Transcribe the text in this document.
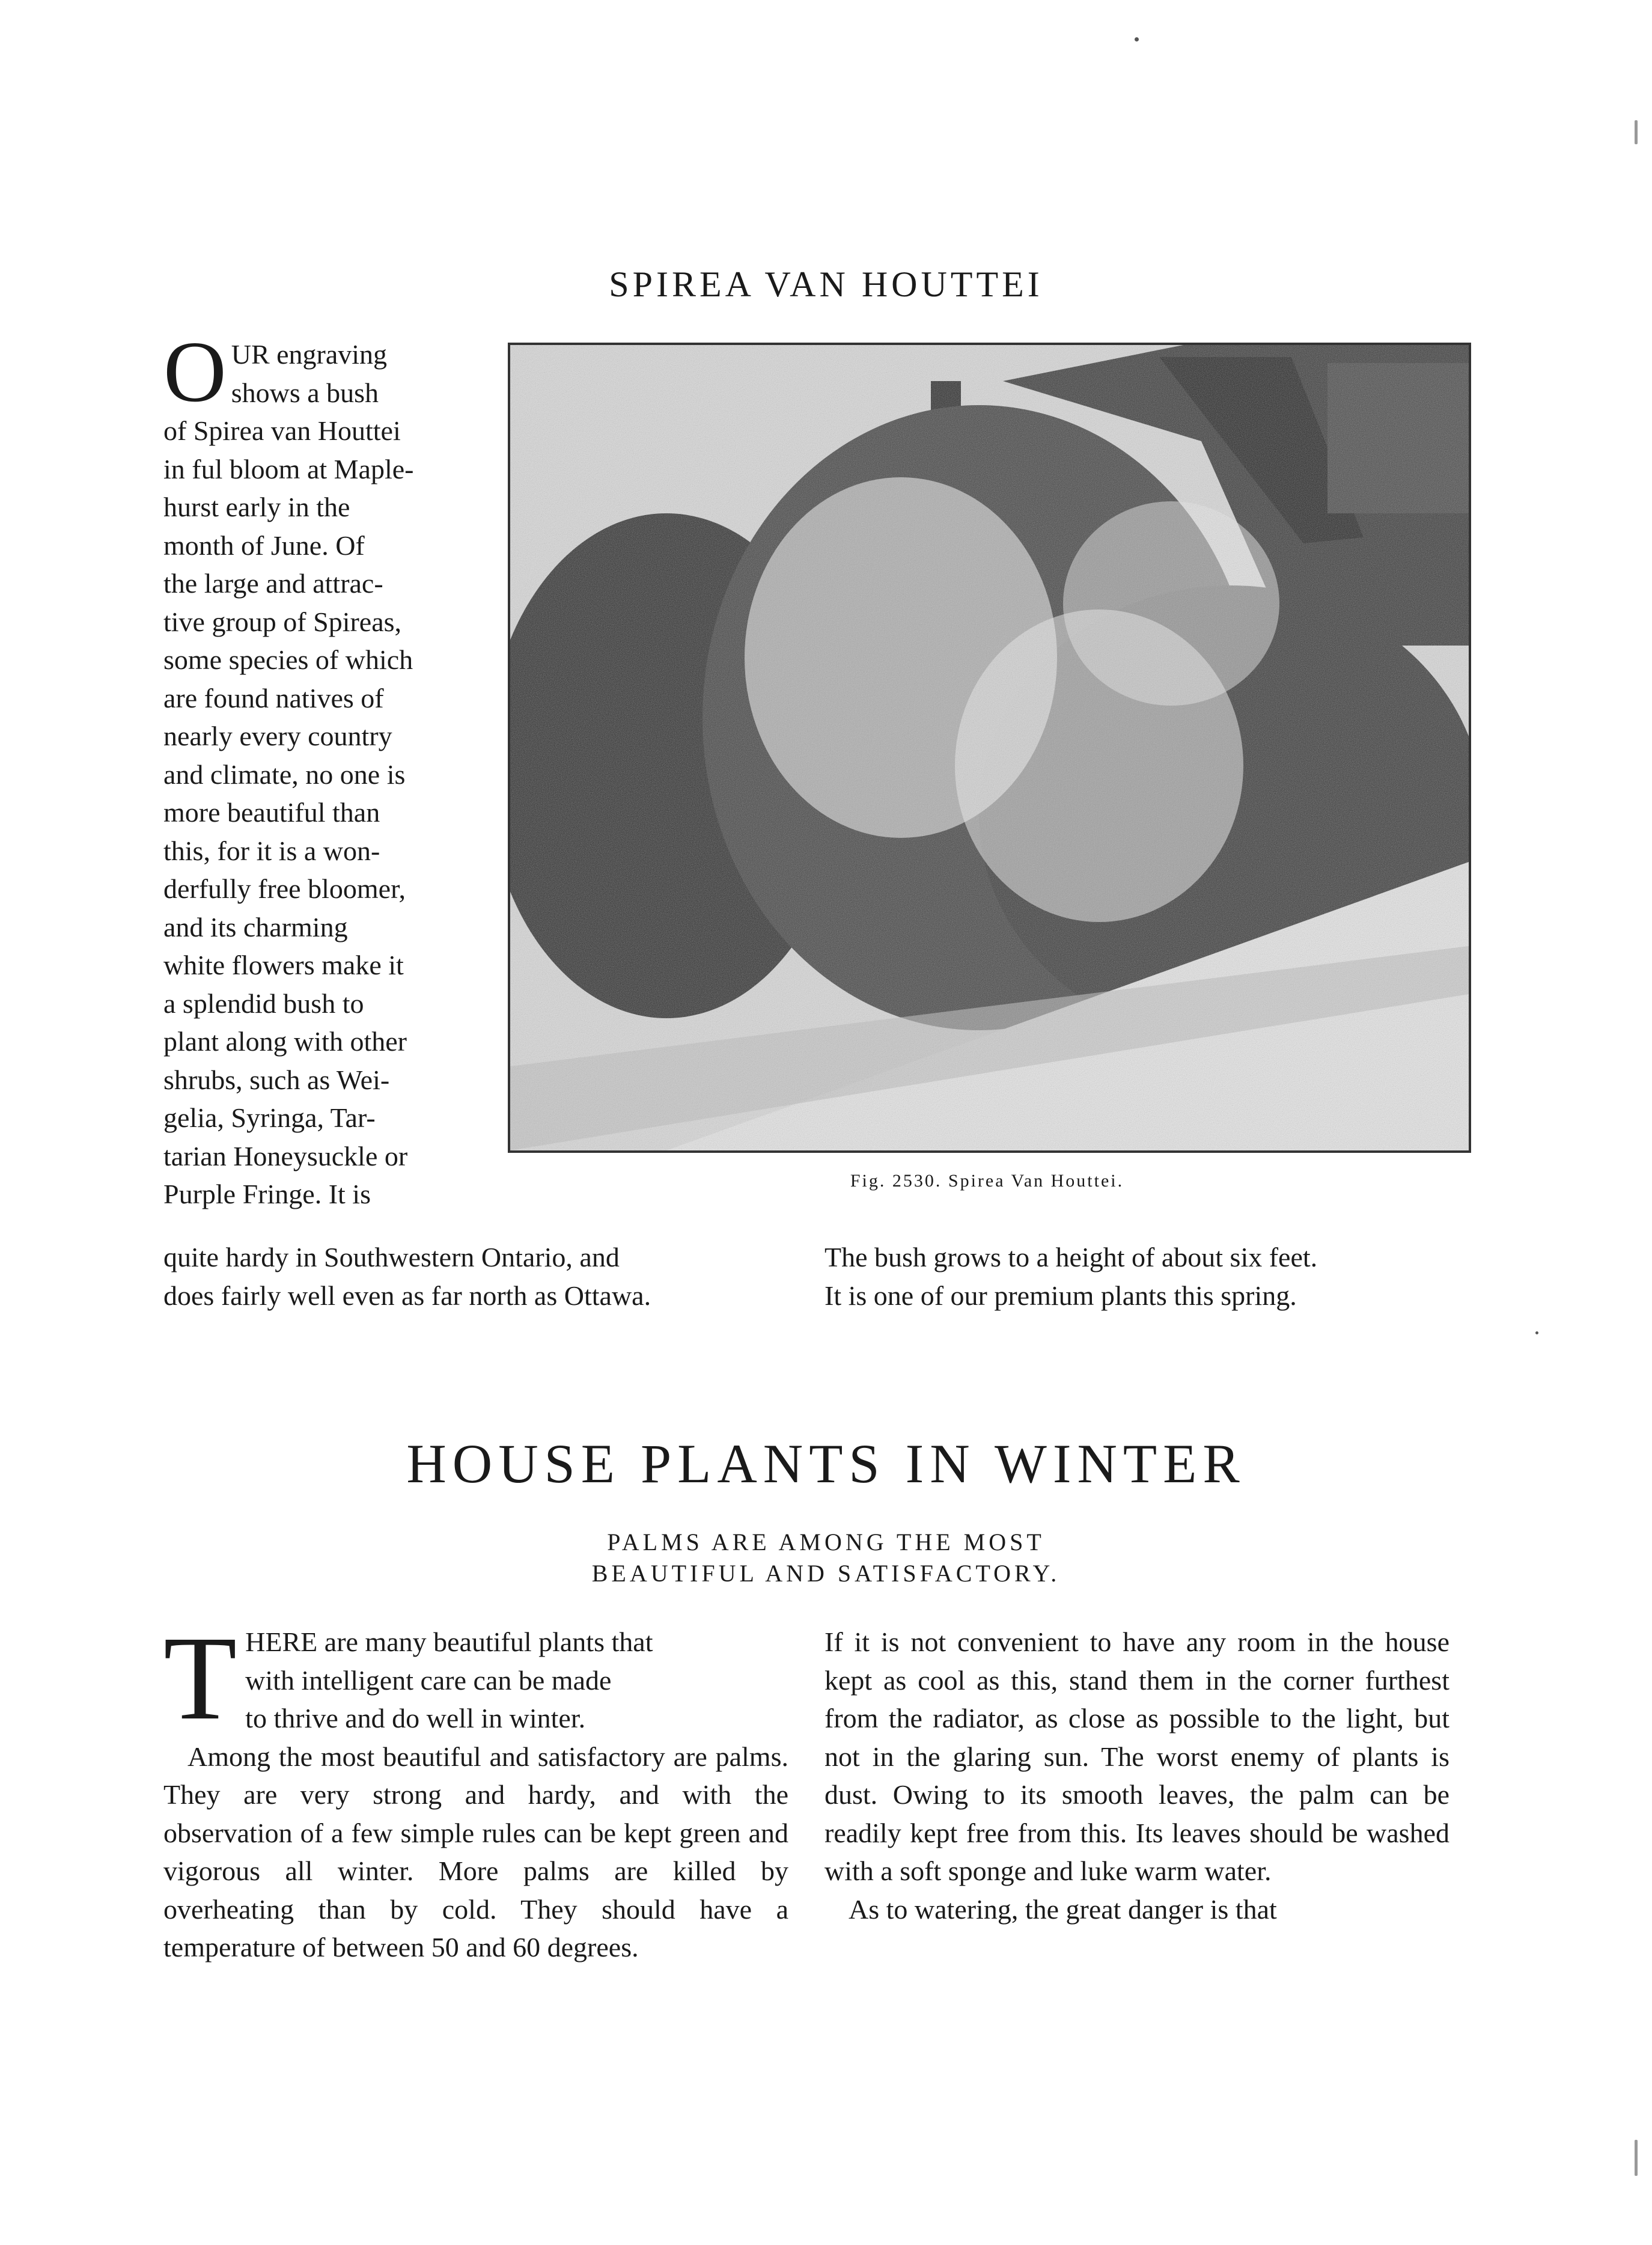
SPIREA VAN HOUTTEI
O UR engraving
shows a bush
of Spirea van Houttei
in ful bloom at Maple-
hurst early in the
month of June. Of
the large and attrac-
tive group of Spireas,
some species of which
are found natives of
nearly every country
and climate, no one is
more beautiful than
this, for it is a won-
derfully free bloomer,
and its charming
white flowers make it
a splendid bush to
plant along with other
shrubs, such as Wei-
gelia, Syringa, Tar-
tarian Honeysuckle or
Purple Fringe. It is	Fig. 2530. Spirea Van Houttei.
quite hardy in Southwestern Ontario, and
does fairly well even as far north as Ottawa.
The bush grows to a height of about six feet.
It is one of our premium plants this spring.
HOUSE PLANTS IN WINTER
PALMS ARE AMONG THE MOST
BEAUTIFUL AND SATISFACTORY.
T HERE are many beautiful plants that
with intelligent care can be made
to thrive and do well in winter.

Among the most beautiful and satisfactory are palms. They are very strong and hardy, and with the observation of a few simple rules can be kept green and vigorous all winter. More palms are killed by overheating than by cold. They should have a temperature of between 50 and 60 degrees.

If it is not convenient to have any room in the house kept as cool as this, stand them in the corner furthest from the radiator, as close as possible to the light, but not in the glaring sun. The worst enemy of plants is dust. Owing to its smooth leaves, the palm can be readily kept free from this. Its leaves should be washed with a soft sponge and luke warm water.

As to watering, the great danger is that
